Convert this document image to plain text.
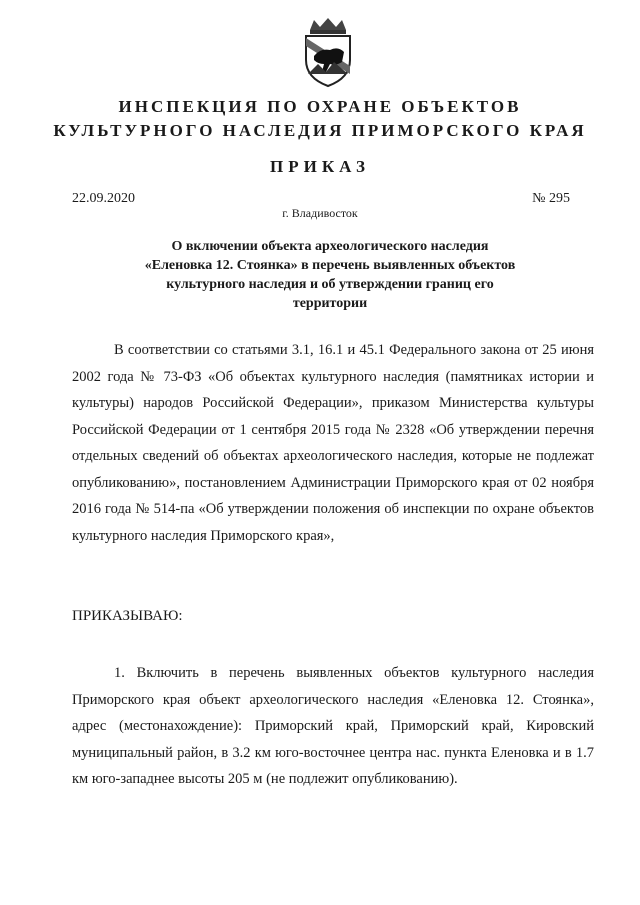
ИНСПЕКЦИЯ ПО ОХРАНЕ ОБЪЕКТОВ
КУЛЬТУРНОГО НАСЛЕДИЯ ПРИМОРСКОГО КРАЯ
ПРИКАЗ
22.09.2020	№ 295
г. Владивосток
О включении объекта археологического наследия «Еленовка 12. Стоянка» в перечень выявленных объектов культурного наследия и об утверждении границ его территории
В соответствии со статьями 3.1, 16.1 и 45.1 Федерального закона от 25 июня 2002 года № 73-ФЗ «Об объектах культурного наследия (памятниках истории и культуры) народов Российской Федерации», приказом Министерства культуры Российской Федерации от 1 сентября 2015 года № 2328 «Об утверждении перечня отдельных сведений об объектах археологического наследия, которые не подлежат опубликованию», постановлением Администрации Приморского края от 02 ноября 2016 года № 514-па «Об утверждении положения об инспекции по охране объектов культурного наследия Приморского края»,
ПРИКАЗЫВАЮ:
1. Включить в перечень выявленных объектов культурного наследия Приморского края объект археологического наследия «Еленовка 12. Стоянка», адрес (местонахождение): Приморский край, Приморский край, Кировский муниципальный район, в 3.2 км юго-восточнее центра нас. пункта Еленовка и в 1.7 км юго-западнее высоты 205 м (не подлежит опубликованию).
